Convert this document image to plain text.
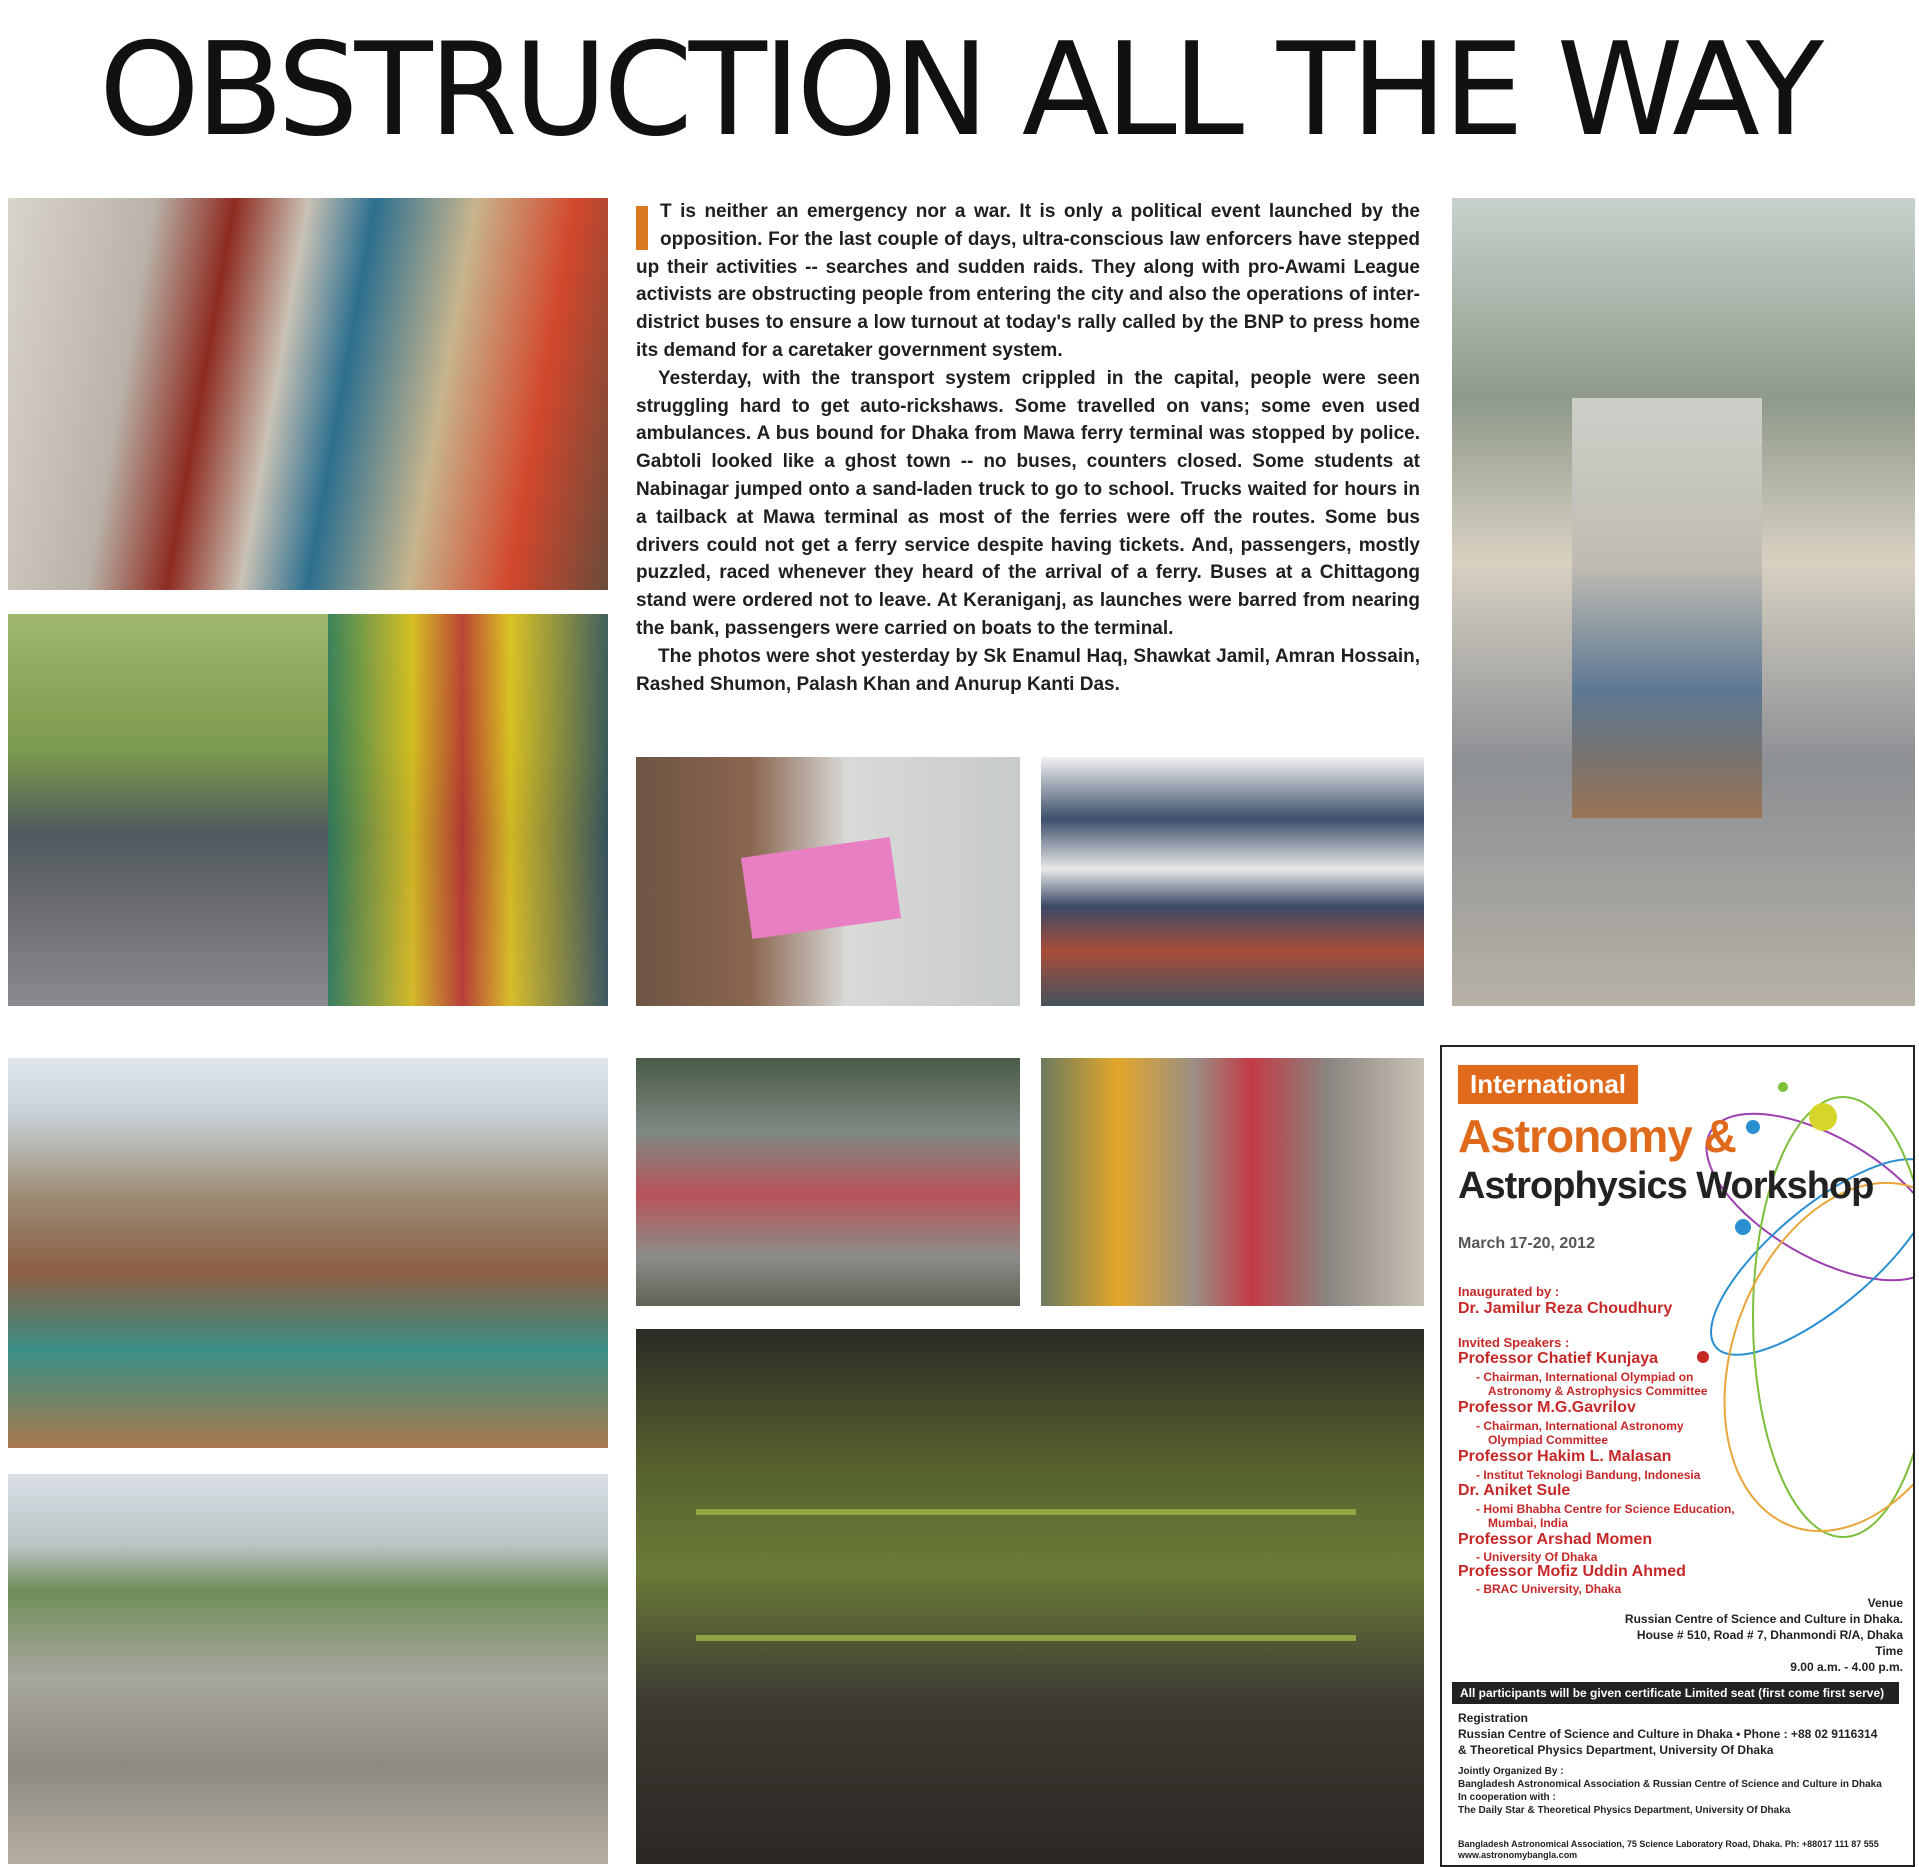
OBSTRUCTION ALL THE WAY

T is neither an emergency nor a war. It is only a political event launched by the opposition. For the last couple of days, ultra-conscious law enforcers have stepped up their activities -- searches and sudden raids. They along with pro-Awami League activists are obstructing people from entering the city and also the operations of inter-district buses to ensure a low turnout at today's rally called by the BNP to press home its demand for a caretaker government system.

Yesterday, with the transport system crippled in the capital, people were seen struggling hard to get auto-rickshaws. Some travelled on vans; some even used ambulances. A bus bound for Dhaka from Mawa ferry terminal was stopped by police. Gabtoli looked like a ghost town -- no buses, counters closed. Some students at Nabinagar jumped onto a sand-laden truck to go to school. Trucks waited for hours in a tailback at Mawa terminal as most of the ferries were off the routes. Some bus drivers could not get a ferry service despite having tickets. And, passengers, mostly puzzled, raced whenever they heard of the arrival of a ferry. Buses at a Chittagong stand were ordered not to leave. At Keraniganj, as launches were barred from nearing the bank, passengers were carried on boats to the terminal.

The photos were shot yesterday by Sk Enamul Haq, Shawkat Jamil, Amran Hossain, Rashed Shumon, Palash Khan and Anurup Kanti Das.

International
Astronomy &
Astrophysics Workshop
March 17-20, 2012
Inaugurated by :
Dr. Jamilur Reza Choudhury
Invited Speakers :
Professor Chatief Kunjaya
- Chairman, International Olympiad on
Astronomy & Astrophysics Committee
Professor M.G.Gavrilov
- Chairman, International Astronomy
Olympiad Committee
Professor Hakim L. Malasan
- Institut Teknologi Bandung, Indonesia
Dr. Aniket Sule
- Homi Bhabha Centre for Science Education,
Mumbai, India
Professor Arshad Momen
- University Of Dhaka
Professor Mofiz Uddin Ahmed
- BRAC University, Dhaka
Venue
Russian Centre of Science and Culture in Dhaka.
House # 510, Road # 7, Dhanmondi R/A, Dhaka
Time
9.00 a.m. - 4.00 p.m.
All participants will be given certificate Limited seat (first come first serve)
Registration
Russian Centre of Science and Culture in Dhaka • Phone : +88 02 9116314
& Theoretical Physics Department, University Of Dhaka
Jointly Organized By :
Bangladesh Astronomical Association & Russian Centre of Science and Culture in Dhaka
In cooperation with :
The Daily Star & Theoretical Physics Department, University Of Dhaka
Bangladesh Astronomical Association, 75 Science Laboratory Road, Dhaka. Ph: +88017 111 87 555
www.astronomybangla.com
